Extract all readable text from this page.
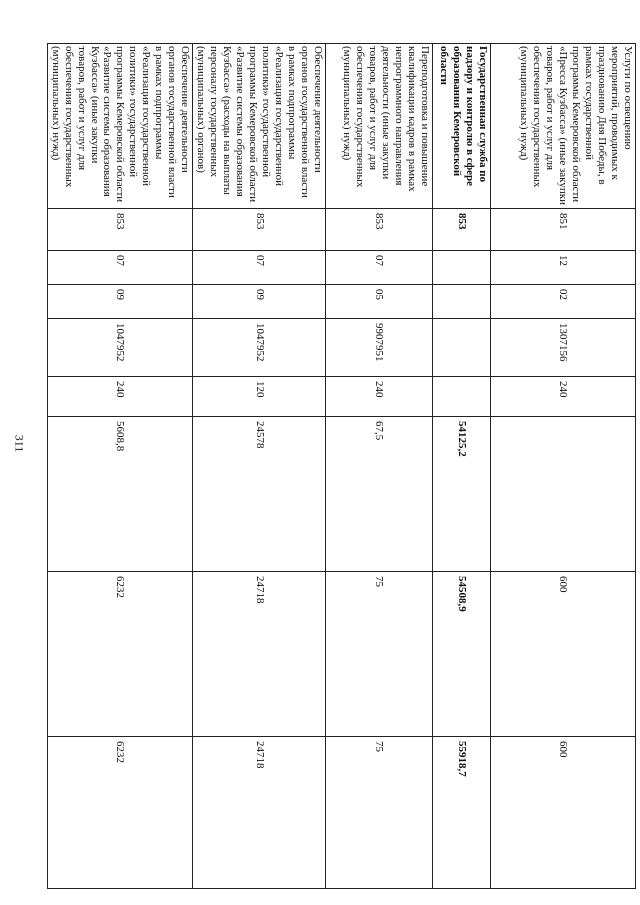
311
Услуги по освещению мероприятий, проводимых к празднованию Дня Победы, в рамках государственной программы Кемеровской области «Пресса Кузбасса» (иные закупки товаров, работ и услуг для обеспечения государственных (муниципальных) нужд)	851	12	02	1307156	240		600	600
Государственная служба по надзору и контролю в сфере образования Кемеровской области	853					54125,2	54508,9	55918,7
Переподготовка и повышение квалификации кадров в рамках непрограммного направления деятельности (иные закупки товаров, работ и услуг для обеспечения государственных (муниципальных) нужд)	853	07	05	9907951	240	67,5	75	75
Обеспечение деятельности органов государственной власти в рамках подпрограммы «Реализация государственной политики» государственной программы Кемеровской области «Развитие системы образования Кузбасса» (расходы на выплаты персоналу государственных (муниципальных) органов)	853	07	09	1047952	120	24578	24718	24718
Обеспечение деятельности органов государственной власти в рамках подпрограммы «Реализация государственной политики» государственной программы Кемеровской области «Развитие системы образования Кузбасса» (иные закупки товаров, работ и услуг для обеспечения государственных (муниципальных) нужд)	853	07	09	1047952	240	5608,8	6232	6232
